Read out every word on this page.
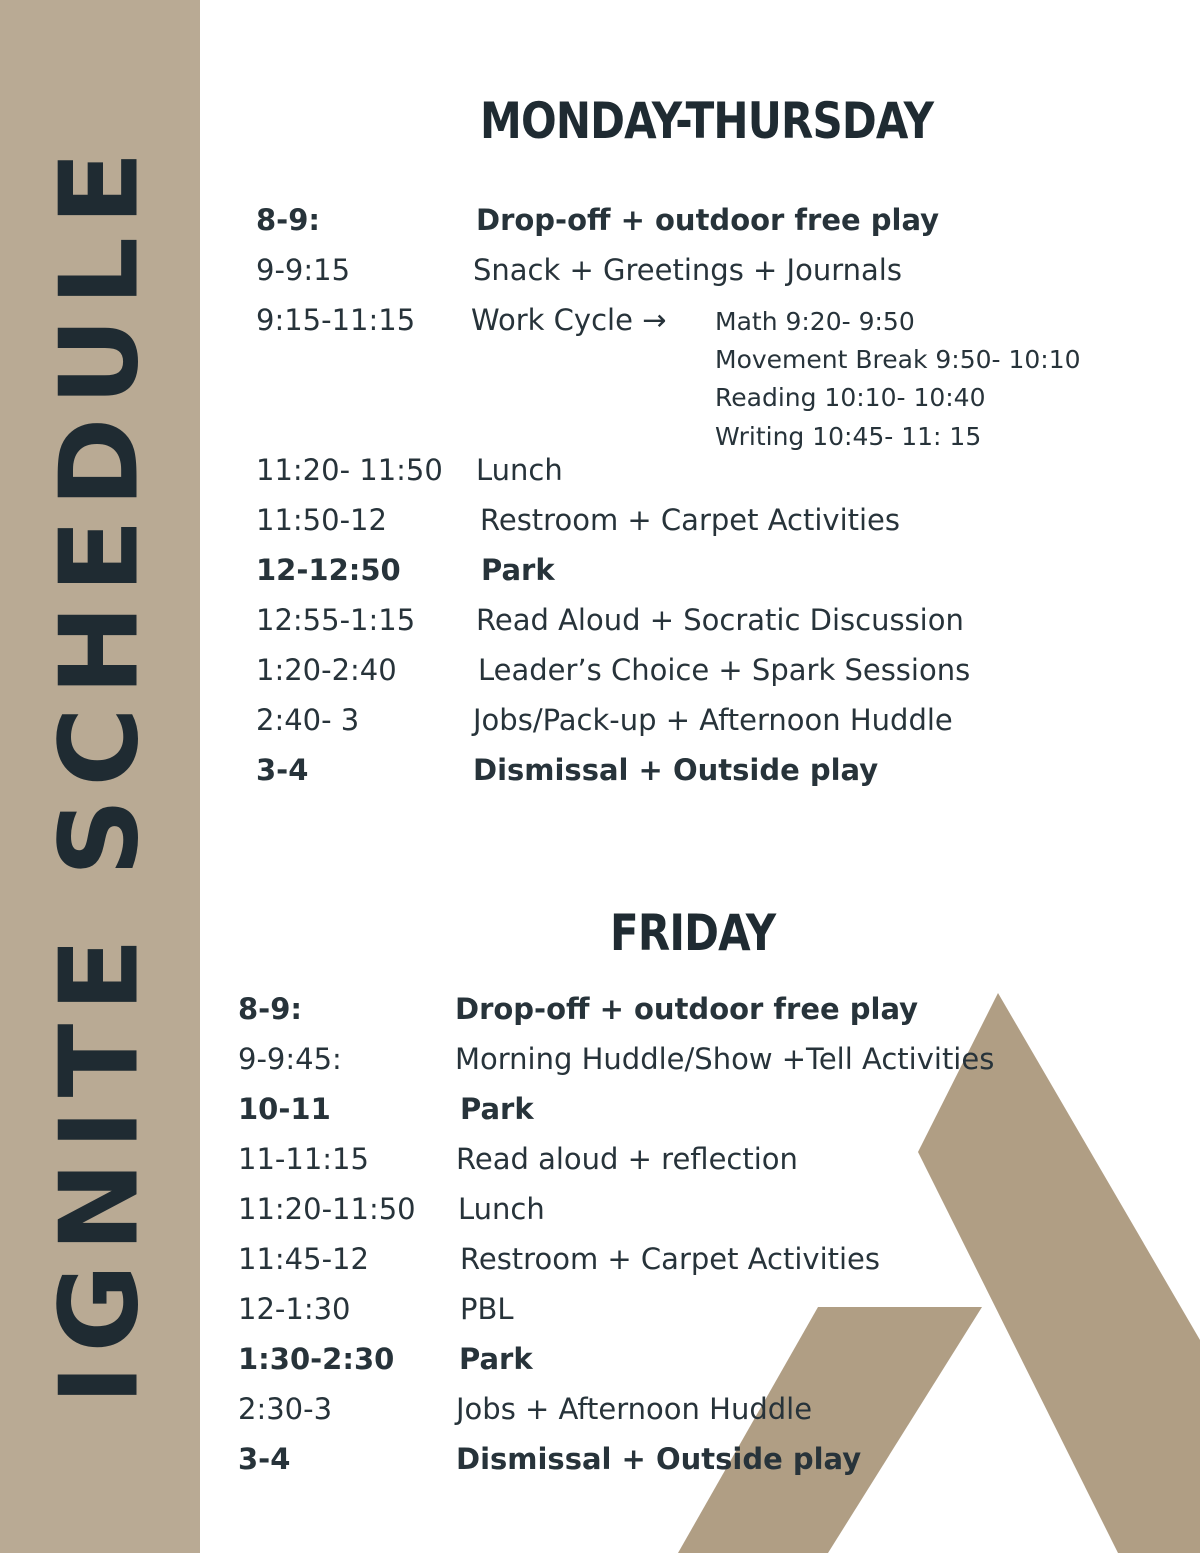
IGNITE SCHEDULE
MONDAY-THURSDAY
FRIDAY
8-9:	Drop-off + outdoor free play
9-9:15	Snack + Greetings + Journals
9:15-11:15 Work Cycle → Math 9:20- 9:50
Movement Break 9:50- 10:10
Reading 10:10- 10:40
Writing 10:45- 11: 15
11:20- 11:50 Lunch
11:50-12	Restroom + Carpet Activities
12-12:50	Park
12:55-1:15 Read Aloud + Socratic Discussion
1:20-2:40	Leader’s Choice + Spark Sessions
2:40- 3	Jobs/Pack-up + Afternoon Huddle
3-4	Dismissal + Outside play
8-9:	Drop-off + outdoor free play
9-9:45:	Morning Huddle/Show +Tell Activities
10-11	Park
11-11:15	Read aloud + reflection
11:20-11:50 Lunch
11:45-12	Restroom + Carpet Activities
12-1:30	PBL
1:30-2:30 Park
2:30-3	Jobs + Afternoon Huddle
3-4	Dismissal + Outside play
